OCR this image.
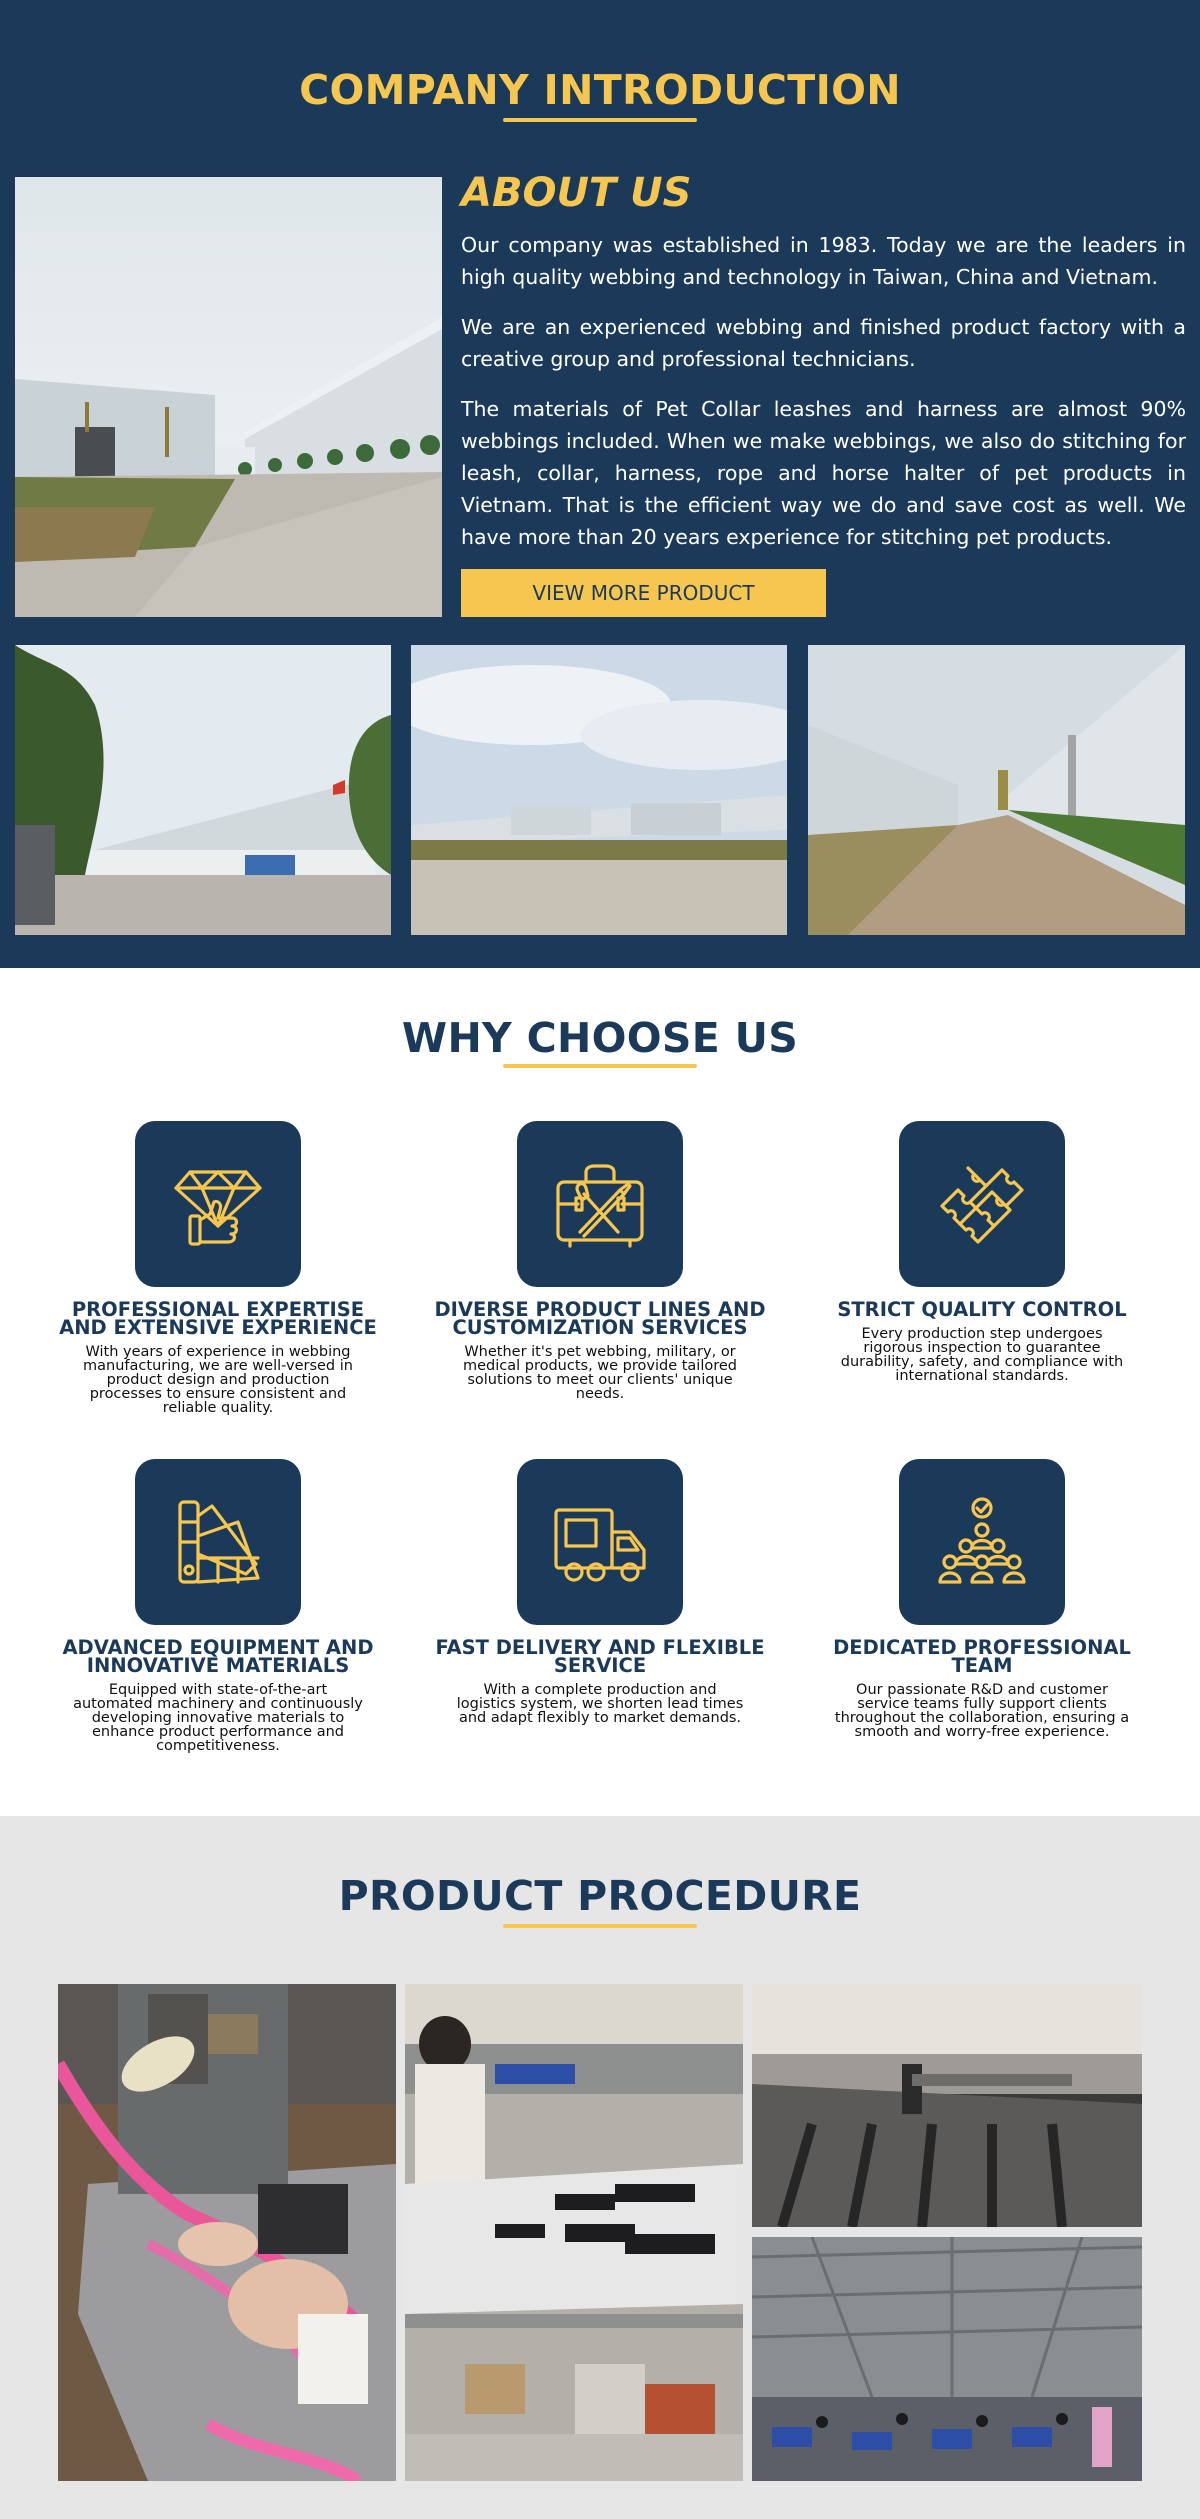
COMPANY INTRODUCTION
ABOUT US

Our company was established in 1983. Today we are the leaders in high quality webbing and technology in Taiwan, China and Vietnam.

We are an experienced webbing and finished product factory with a creative group and professional technicians.

The materials of Pet Collar leashes and harness are almost 90% webbings included. When we make webbings, we also do stitching for leash, collar, harness, rope and horse halter of pet products in Vietnam. That is the efficient way we do and save cost as well. We have more than 20 years experience for stitching pet products.

VIEW MORE PRODUCT
WHY CHOOSE US
PROFESSIONAL EXPERTISE AND EXTENSIVE EXPERIENCE

With years of experience in webbing manufacturing, we are well-versed in product design and production processes to ensure consistent and reliable quality.

DIVERSE PRODUCT LINES AND CUSTOMIZATION SERVICES

Whether it's pet webbing, military, or medical products, we provide tailored solutions to meet our clients' unique needs.

STRICT QUALITY CONTROL

Every production step undergoes rigorous inspection to guarantee durability, safety, and compliance with international standards.

ADVANCED EQUIPMENT AND INNOVATIVE MATERIALS

Equipped with state-of-the-art automated machinery and continuously developing innovative materials to enhance product performance and competitiveness.

FAST DELIVERY AND FLEXIBLE SERVICE

With a complete production and logistics system, we shorten lead times and adapt flexibly to market demands.

DEDICATED PROFESSIONAL TEAM

Our passionate R&D and customer service teams fully support clients throughout the collaboration, ensuring a smooth and worry-free experience.

PRODUCT PROCEDURE
